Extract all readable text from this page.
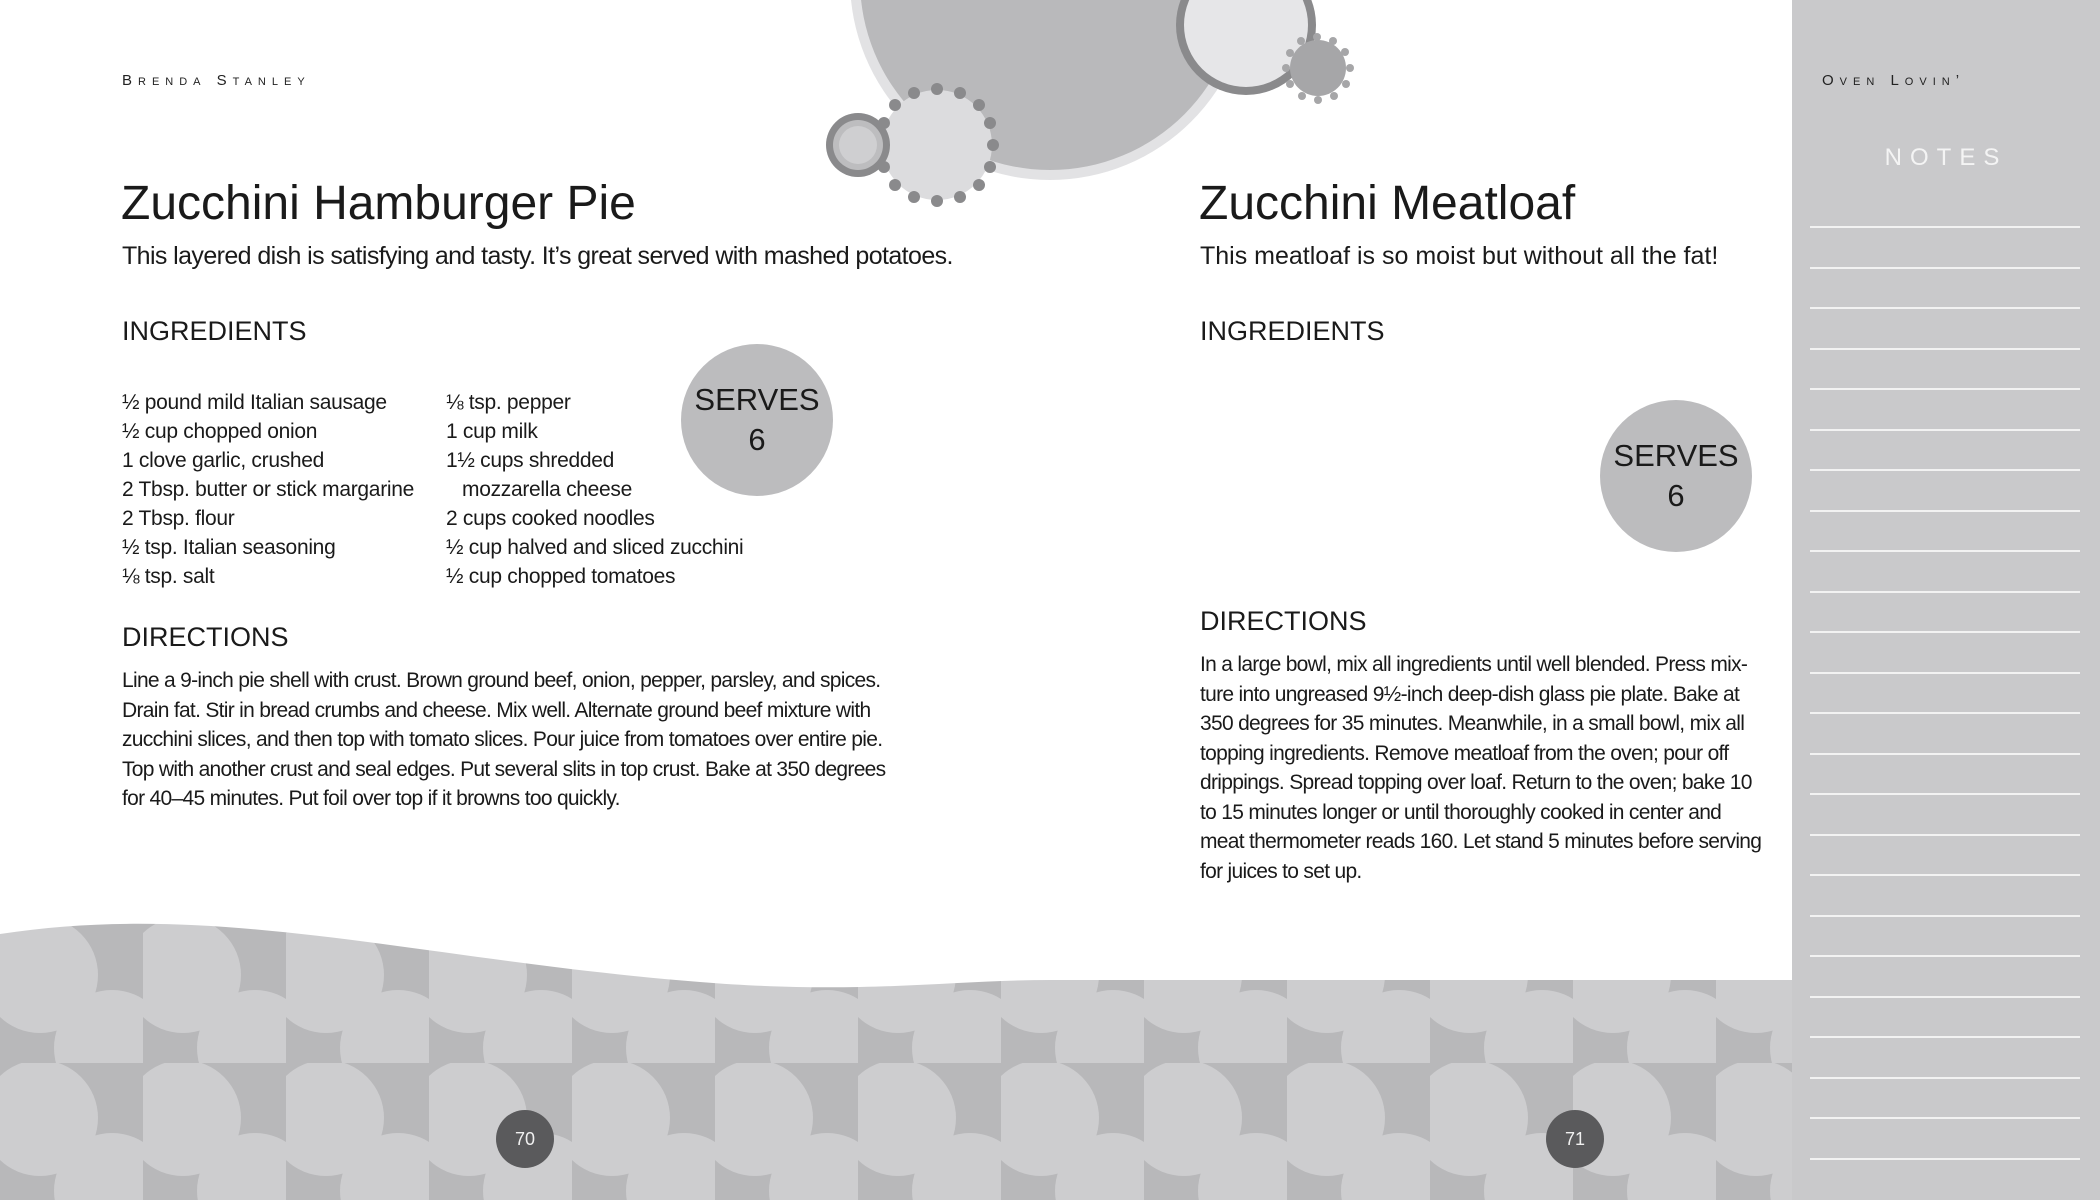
NOTES
Brenda Stanley
Zucchini Hamburger Pie
This layered dish is satisfying and tasty. It’s great served with mashed potatoes.
INGREDIENTS
½ pound mild Italian sausage
½ cup chopped onion
1 clove garlic, crushed
2 Tbsp. butter or stick margarine
2 Tbsp. flour
½ tsp. Italian seasoning
⅛ tsp. salt
⅛ tsp. pepper
1 cup milk
1½ cups shredded
mozzarella cheese
2 cups cooked noodles
½ cup halved and sliced zucchini
½ cup chopped tomatoes
SERVES
6
DIRECTIONS

Line a 9-inch pie shell with crust. Brown ground beef, onion, pepper, parsley, and spices.

Drain fat. Stir in bread crumbs and cheese. Mix well. Alternate ground beef mixture with

zucchini slices, and then top with tomato slices. Pour juice from tomatoes over entire pie.

Top with another crust and seal edges. Put several slits in top crust. Bake at 350 degrees

for 40–45 minutes. Put foil over top if it browns too quickly.

70
Oven Lovin’
Zucchini Meatloaf
This meatloaf is so moist but without all the fat!
INGREDIENTS
SERVES
6
DIRECTIONS

In a large bowl, mix all ingredients until well blended. Press mix-

ture into ungreased 9½-inch deep-dish glass pie plate. Bake at

350 degrees for 35 minutes. Meanwhile, in a small bowl, mix all

topping ingredients. Remove meatloaf from the oven; pour off

drippings. Spread topping over loaf. Return to the oven; bake 10

to 15 minutes longer or until thoroughly cooked in center and

meat thermometer reads 160. Let stand 5 minutes before serving

for juices to set up.

71
